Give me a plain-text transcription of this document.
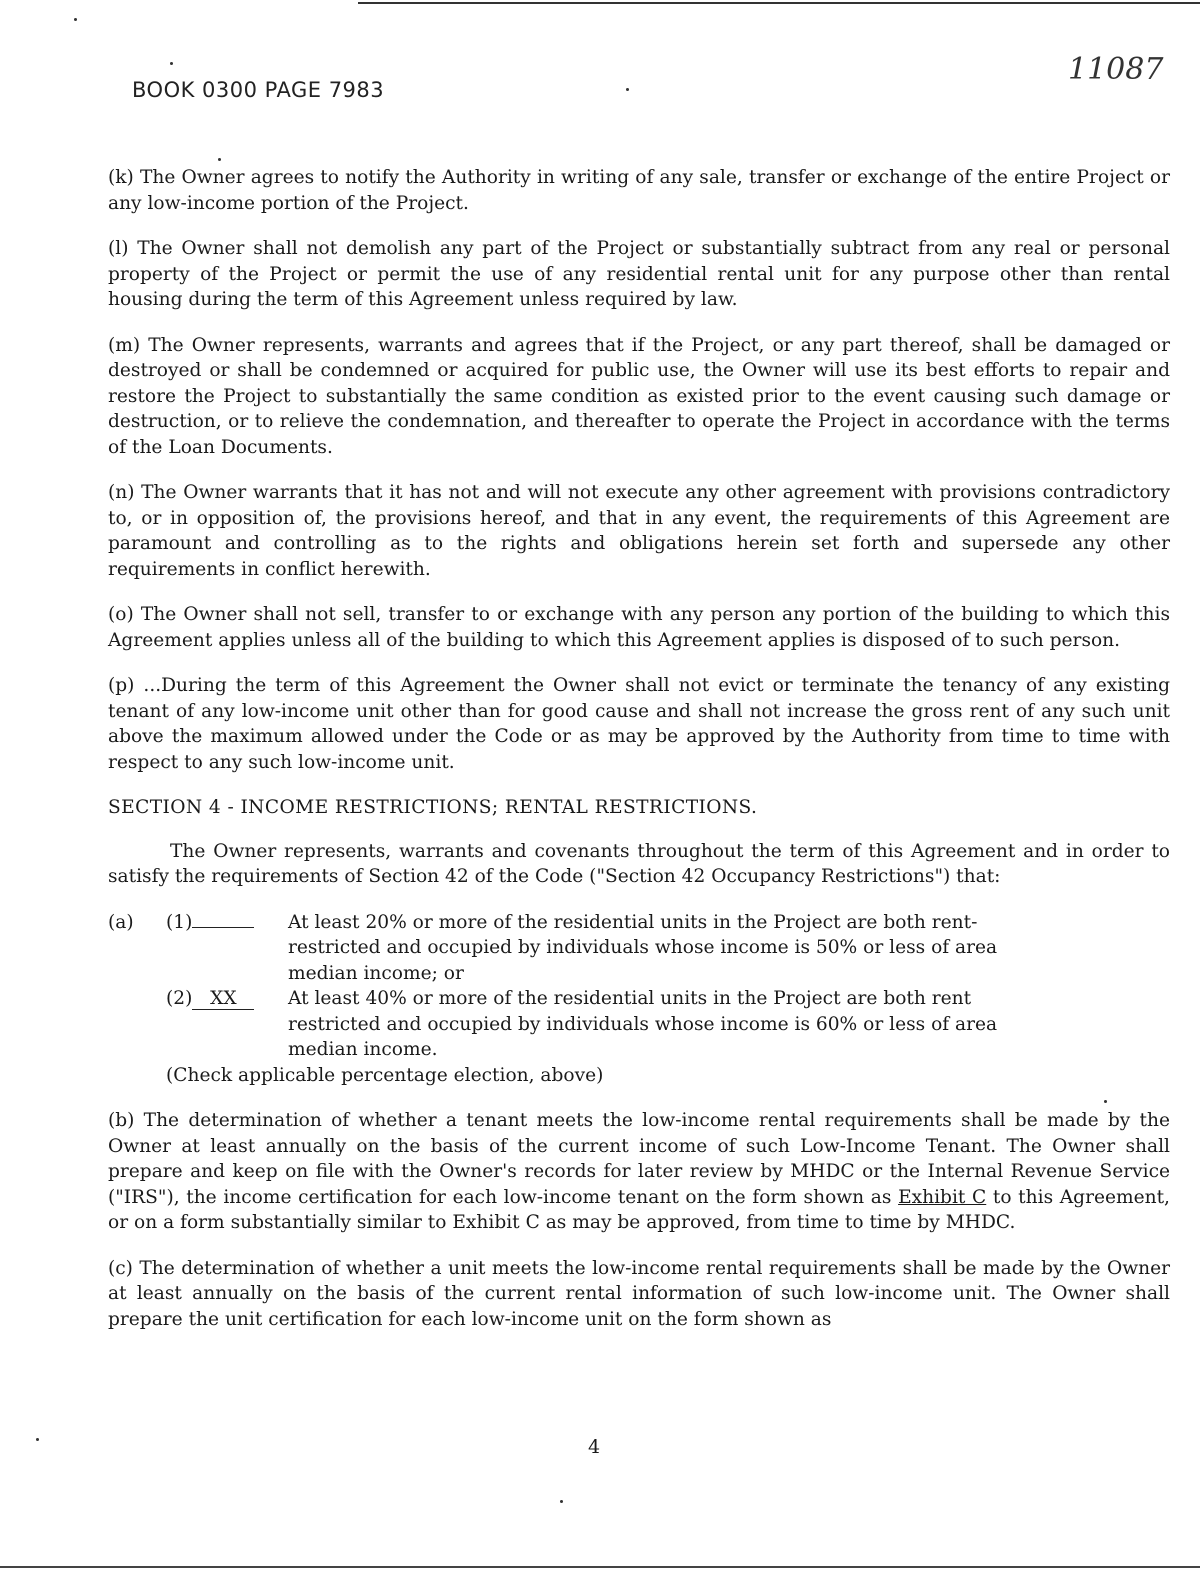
BOOK 0300 PAGE 7983
11087

(k) The Owner agrees to notify the Authority in writing of any sale, transfer or exchange of the entire Project or any low-income portion of the Project.

(l) The Owner shall not demolish any part of the Project or substantially subtract from any real or personal property of the Project or permit the use of any residential rental unit for any purpose other than rental housing during the term of this Agreement unless required by law.

(m) The Owner represents, warrants and agrees that if the Project, or any part thereof, shall be damaged or destroyed or shall be condemned or acquired for public use, the Owner will use its best efforts to repair and restore the Project to substantially the same condition as existed prior to the event causing such damage or destruction, or to relieve the condemnation, and thereafter to operate the Project in accordance with the terms of the Loan Documents.

(n) The Owner warrants that it has not and will not execute any other agreement with provisions contradictory to, or in opposition of, the provisions hereof, and that in any event, the requirements of this Agreement are paramount and controlling as to the rights and obligations herein set forth and supersede any other requirements in conflict herewith.

(o) The Owner shall not sell, transfer to or exchange with any person any portion of the building to which this Agreement applies unless all of the building to which this Agreement applies is disposed of to such person.

(p) ...During the term of this Agreement the Owner shall not evict or terminate the tenancy of any existing tenant of any low-income unit other than for good cause and shall not increase the gross rent of any such unit above the maximum allowed under the Code or as may be approved by the Authority from time to time with respect to any such low-income unit.

SECTION 4 - INCOME RESTRICTIONS; RENTAL RESTRICTIONS.

The Owner represents, warrants and covenants throughout the term of this Agreement and in order to satisfy the requirements of Section 42 of the Code ("Section 42 Occupancy Restrictions") that:

(a)	(1)	At least 20% or more of the residential units in the Project are both rent-restricted and occupied by individuals whose income is 50% or less of area median income; or
(2) XX	At least 40% or more of the residential units in the Project are both rent restricted and occupied by individuals whose income is 60% or less of area median income.
(Check applicable percentage election, above)

(b) The determination of whether a tenant meets the low-income rental requirements shall be made by the Owner at least annually on the basis of the current income of such Low-Income Tenant. The Owner shall prepare and keep on file with the Owner's records for later review by MHDC or the Internal Revenue Service ("IRS"), the income certification for each low-income tenant on the form shown as Exhibit C to this Agreement, or on a form substantially similar to Exhibit C as may be approved, from time to time by MHDC.

(c) The determination of whether a unit meets the low-income rental requirements shall be made by the Owner at least annually on the basis of the current rental information of such low-income unit. The Owner shall prepare the unit certification for each low-income unit on the form shown as

4
